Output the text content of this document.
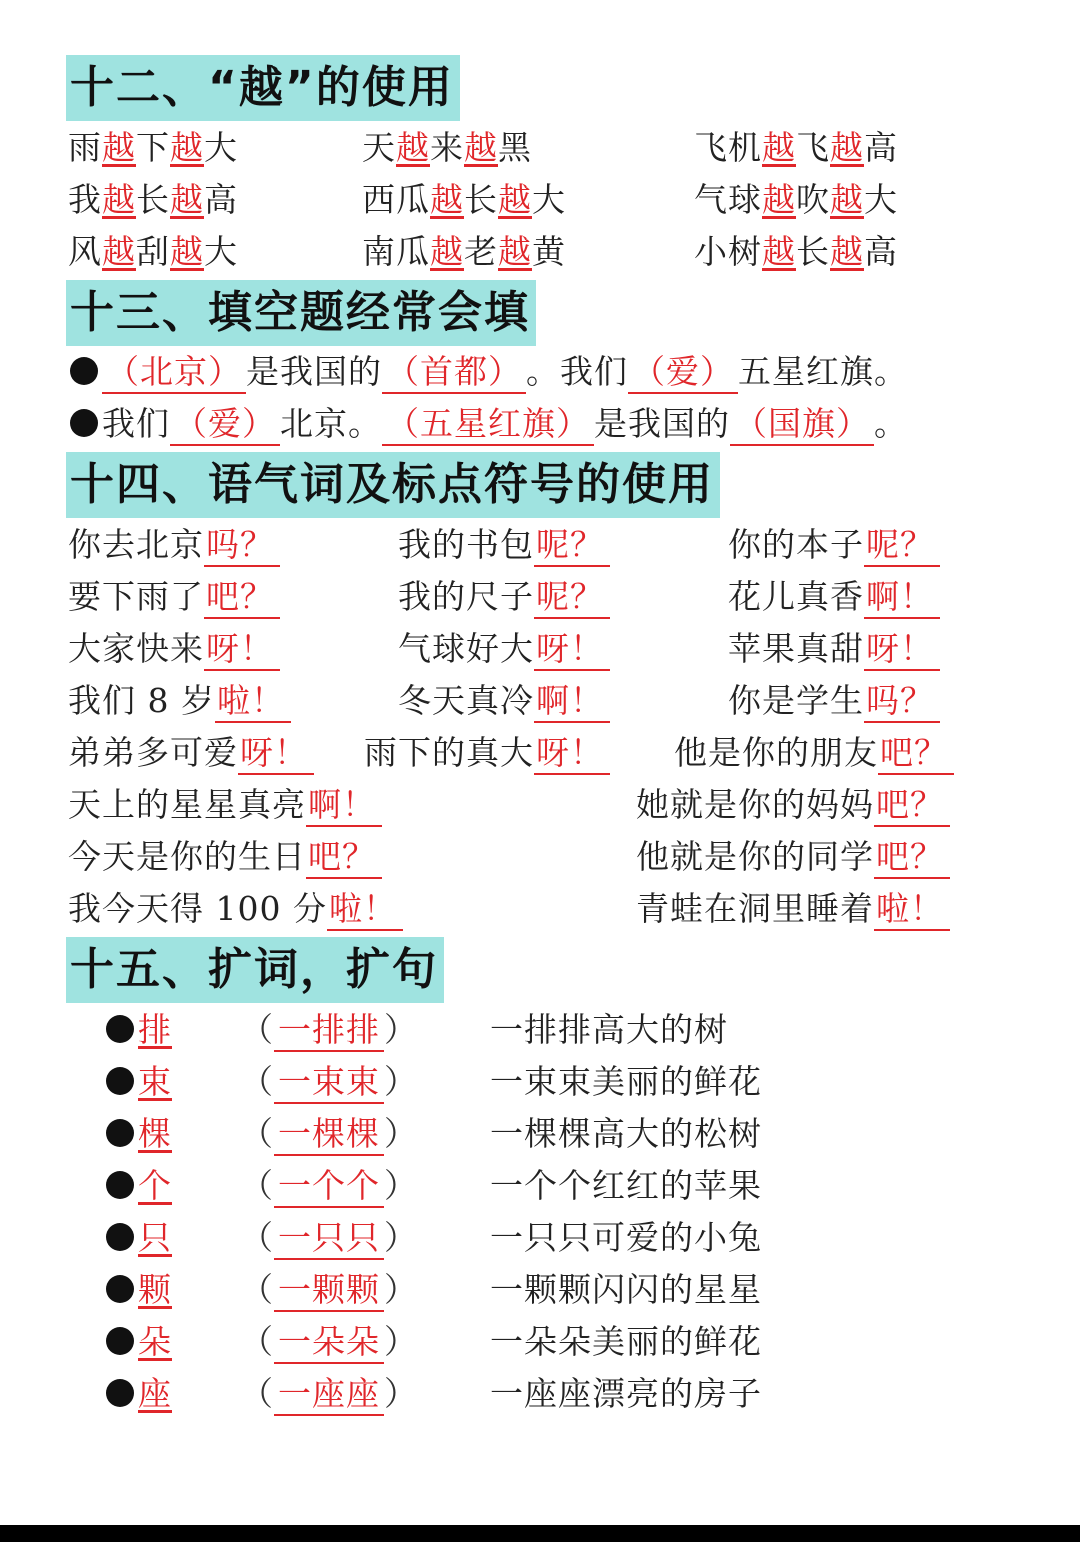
十二、“越”的使用
雨越下越大	天越来越黑	飞机越飞越高
我越长越高	西瓜越长越大	气球越吹越大
风越刮越大	南瓜越老越黄	小树越长越高
十三、填空题经常会填
（北京） 是我国的 （首都） 。我们 （爱） 五星红旗。
我们 （爱） 北京。 （五星红旗） 是我国的 （国旗） 。
十四、语气词及标点符号的使用
你去北京吗？	我的书包呢？	你的本子呢？
要下雨了吧？	我的尺子呢？	花儿真香啊！
大家快来呀！	气球好大呀！	苹果真甜呀！
我们 8 岁啦！	冬天真冷啊！	你是学生吗？
弟弟多可爱呀！ 雨下的真大呀！ 他是你的朋友吧？
天上的星星真亮啊！	她就是你的妈妈吧？
今天是你的生日吧？	他就是你的同学吧？
我今天得 100 分啦！	青蛙在洞里睡着啦！
十五、扩词，扩句
排 （ 一排排 ） 一排排高大的树
束 （ 一束束 ） 一束束美丽的鲜花
棵 （ 一棵棵 ） 一棵棵高大的松树
个 （ 一个个 ） 一个个红红的苹果
只 （ 一只只 ） 一只只可爱的小兔
颗 （ 一颗颗 ） 一颗颗闪闪的星星
朵 （ 一朵朵 ） 一朵朵美丽的鲜花
座 （ 一座座 ） 一座座漂亮的房子
